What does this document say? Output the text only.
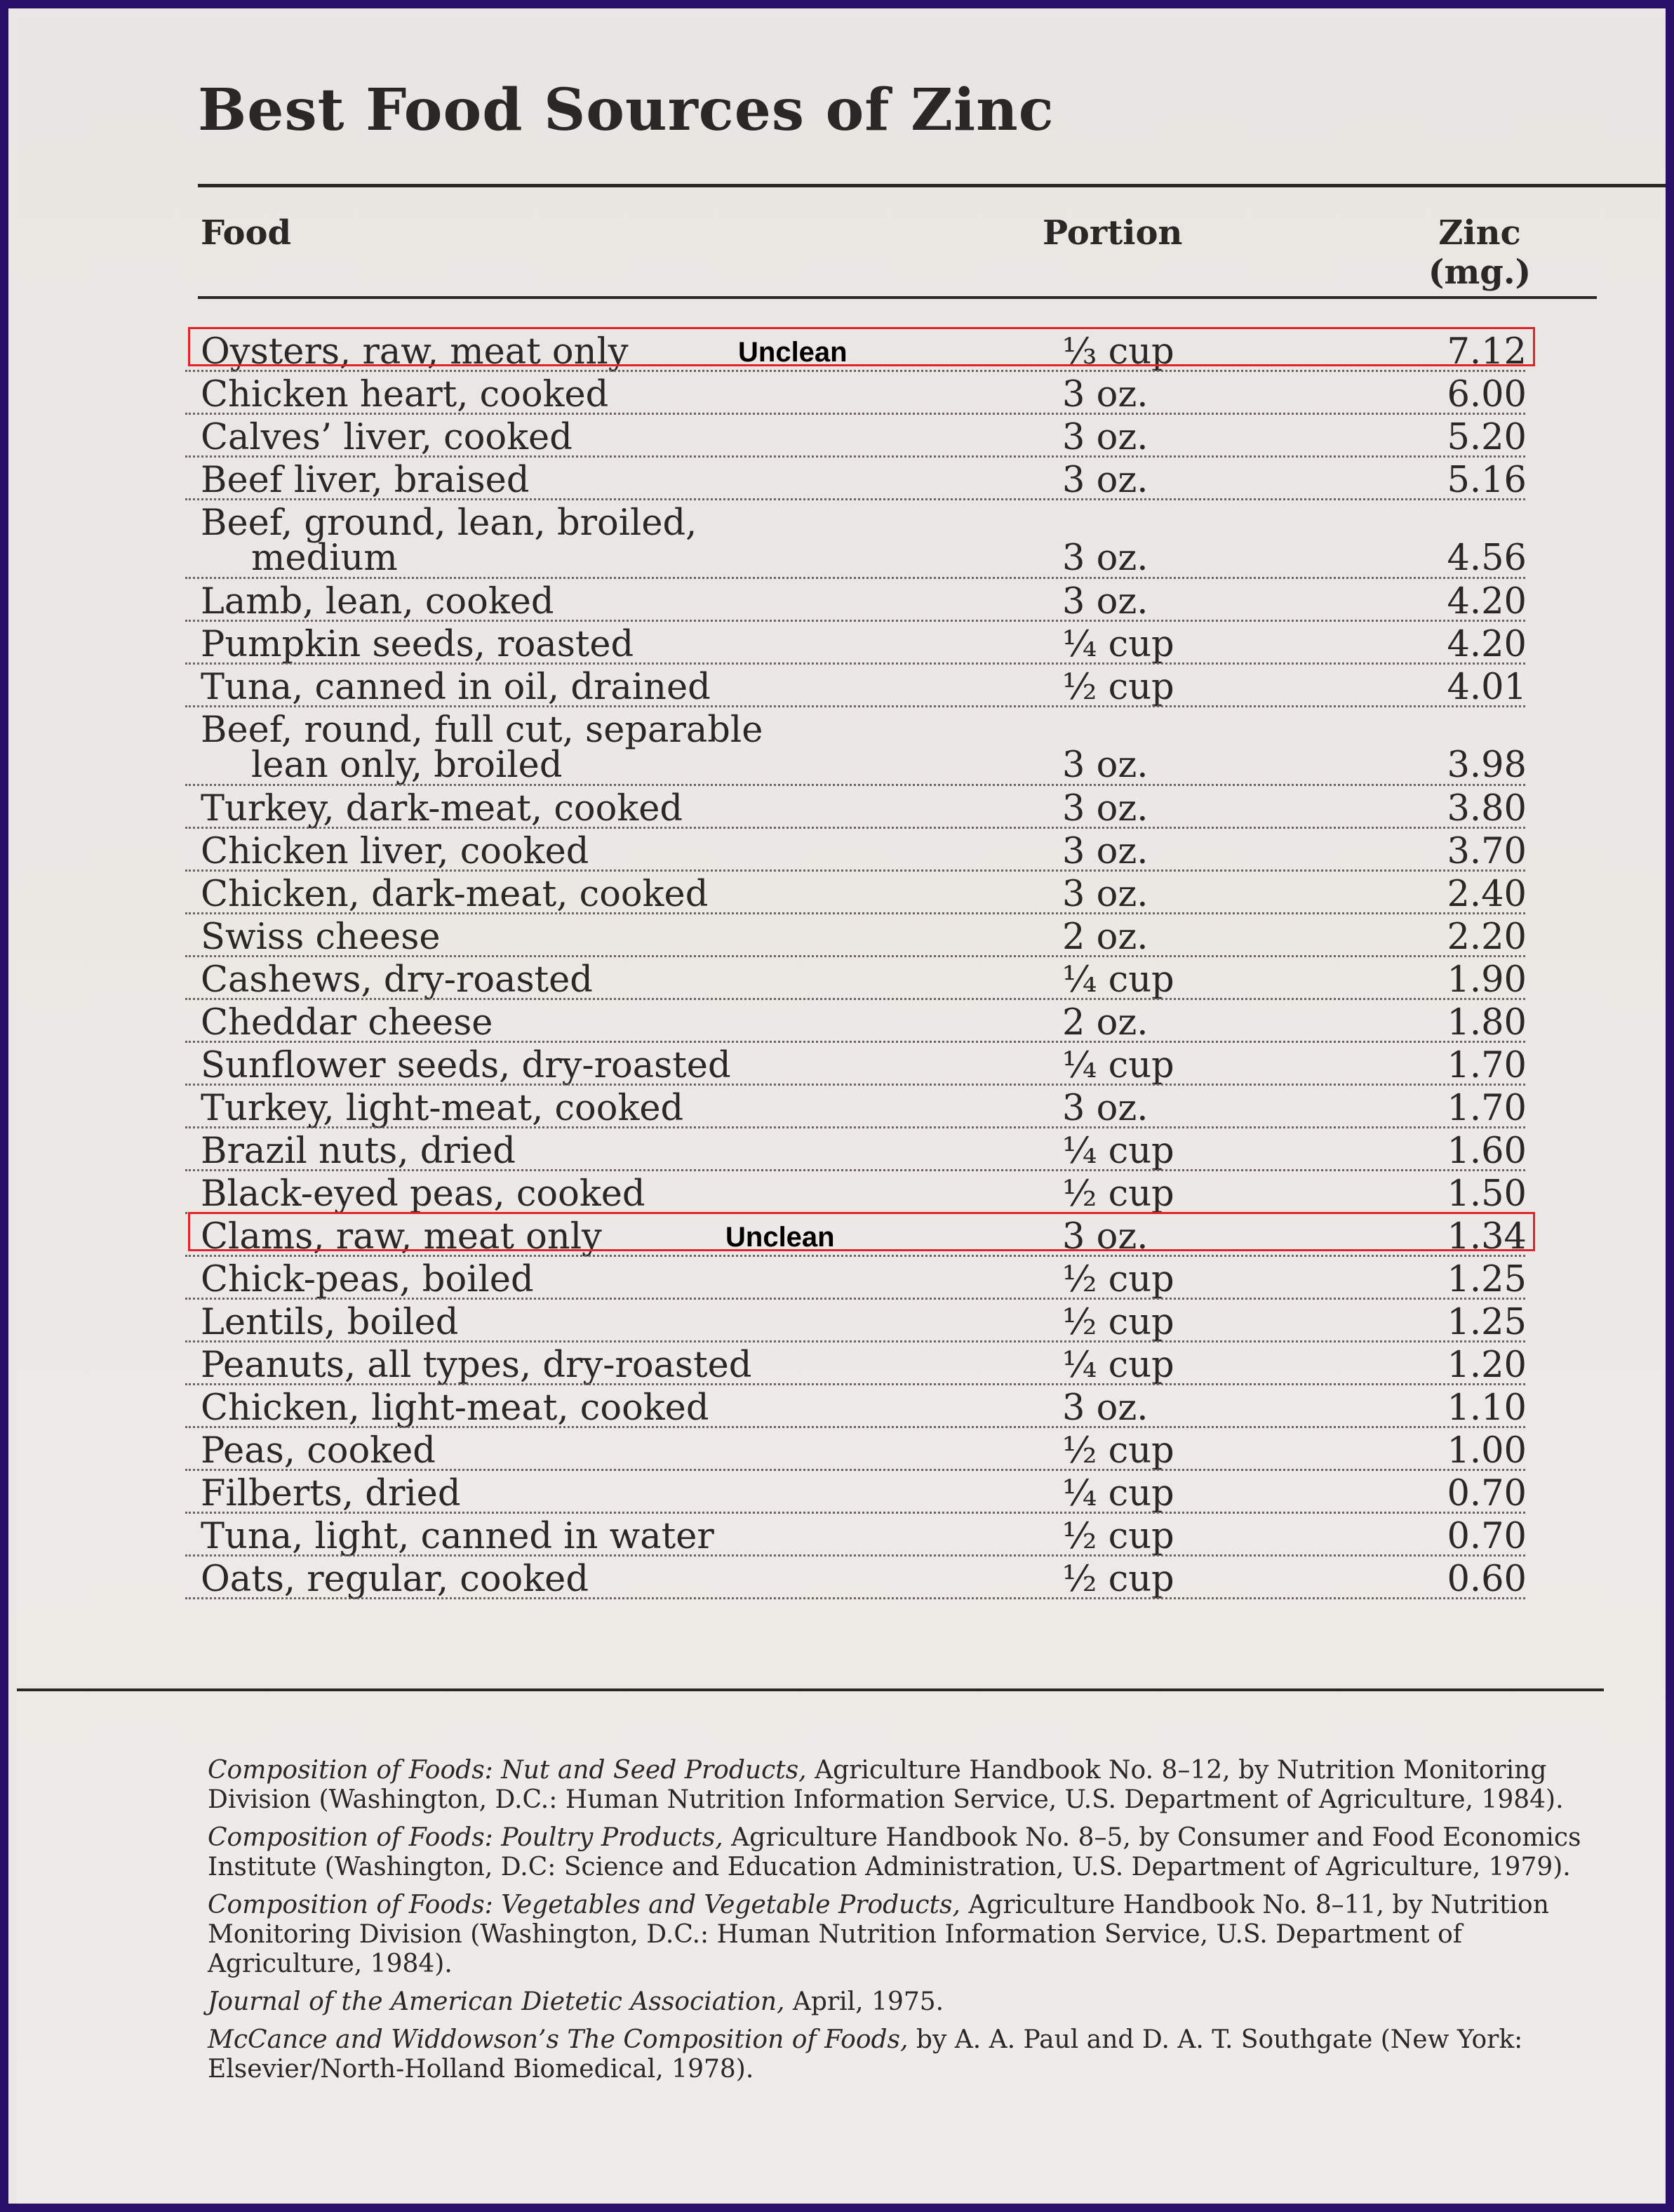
Best Food Sources of Zinc
Food	Portion	Zinc
(mg.)
Oysters, raw, meat only	⅓ cup	7.12
Unclean
Chicken heart, cooked	3 oz.	6.00
Calves’ liver, cooked	3 oz.	5.20
Beef liver, braised	3 oz.	5.16
Beef, ground, lean, broiled,
medium	3 oz.	4.56
Lamb, lean, cooked	3 oz.	4.20
Pumpkin seeds, roasted	¼ cup	4.20
Tuna, canned in oil, drained	½ cup	4.01
Beef, round, full cut, separable
lean only, broiled	3 oz.	3.98
Turkey, dark-meat, cooked	3 oz.	3.80
Chicken liver, cooked	3 oz.	3.70
Chicken, dark-meat, cooked	3 oz.	2.40
Swiss cheese	2 oz.	2.20
Cashews, dry-roasted	¼ cup	1.90
Cheddar cheese	2 oz.	1.80
Sunflower seeds, dry-roasted	¼ cup	1.70
Turkey, light-meat, cooked	3 oz.	1.70
Brazil nuts, dried	¼ cup	1.60
Black-eyed peas, cooked	½ cup	1.50
Clams, raw, meat only	3 oz.	1.34
Unclean
Chick-peas, boiled	½ cup	1.25
Lentils, boiled	½ cup	1.25
Peanuts, all types, dry-roasted	¼ cup	1.20
Chicken, light-meat, cooked	3 oz.	1.10
Peas, cooked	½ cup	1.00
Filberts, dried	¼ cup	0.70
Tuna, light, canned in water	½ cup	0.70
Oats, regular, cooked	½ cup	0.60
Composition of Foods: Nut and Seed Products, Agriculture Handbook No. 8–12, by Nutrition Monitoring Division (Washington, D.C.: Human Nutrition Information Service, U.S. Department of Agriculture, 1984).
Composition of Foods: Poultry Products, Agriculture Handbook No. 8–5, by Consumer and Food Economics Institute (Washington, D.C: Science and Education Administration, U.S. Department of Agriculture, 1979).
Composition of Foods: Vegetables and Vegetable Products, Agriculture Handbook No. 8–11, by Nutrition Monitoring Division (Washington, D.C.: Human Nutrition Information Service, U.S. Department of Agriculture, 1984).
Journal of the American Dietetic Association, April, 1975.
McCance and Widdowson’s The Composition of Foods, by A. A. Paul and D. A. T. Southgate (New York: Elsevier/North-Holland Biomedical, 1978).
